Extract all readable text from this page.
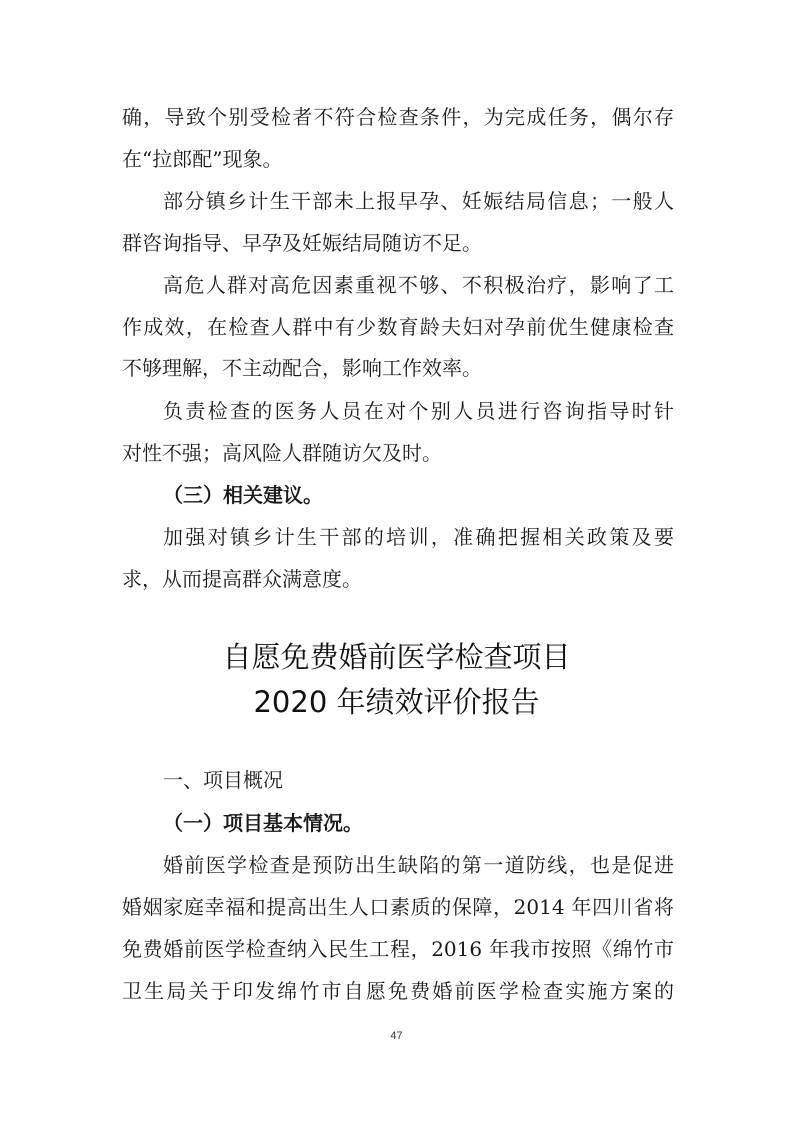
确，导致个别受检者不符合检查条件，为完成任务，偶尔存
在“拉郎配”现象。
部分镇乡计生干部未上报早孕、妊娠结局信息；一般人
群咨询指导、早孕及妊娠结局随访不足。
高危人群对高危因素重视不够、不积极治疗，影响了工
作成效，在检查人群中有少数育龄夫妇对孕前优生健康检查
不够理解，不主动配合，影响工作效率。
负责检查的医务人员在对个别人员进行咨询指导时针
对性不强；高风险人群随访欠及时。
（三）相关建议。
加强对镇乡计生干部的培训，准确把握相关政策及要
求，从而提高群众满意度。
自愿免费婚前医学检查项目
2020 年绩效评价报告
一、项目概况
（一）项目基本情况。
婚前医学检查是预防出生缺陷的第一道防线，也是促进
婚姻家庭幸福和提高出生人口素质的保障，2014 年四川省将
免费婚前医学检查纳入民生工程，2016 年我市按照《绵竹市
卫生局关于印发绵竹市自愿免费婚前医学检查实施方案的
47
